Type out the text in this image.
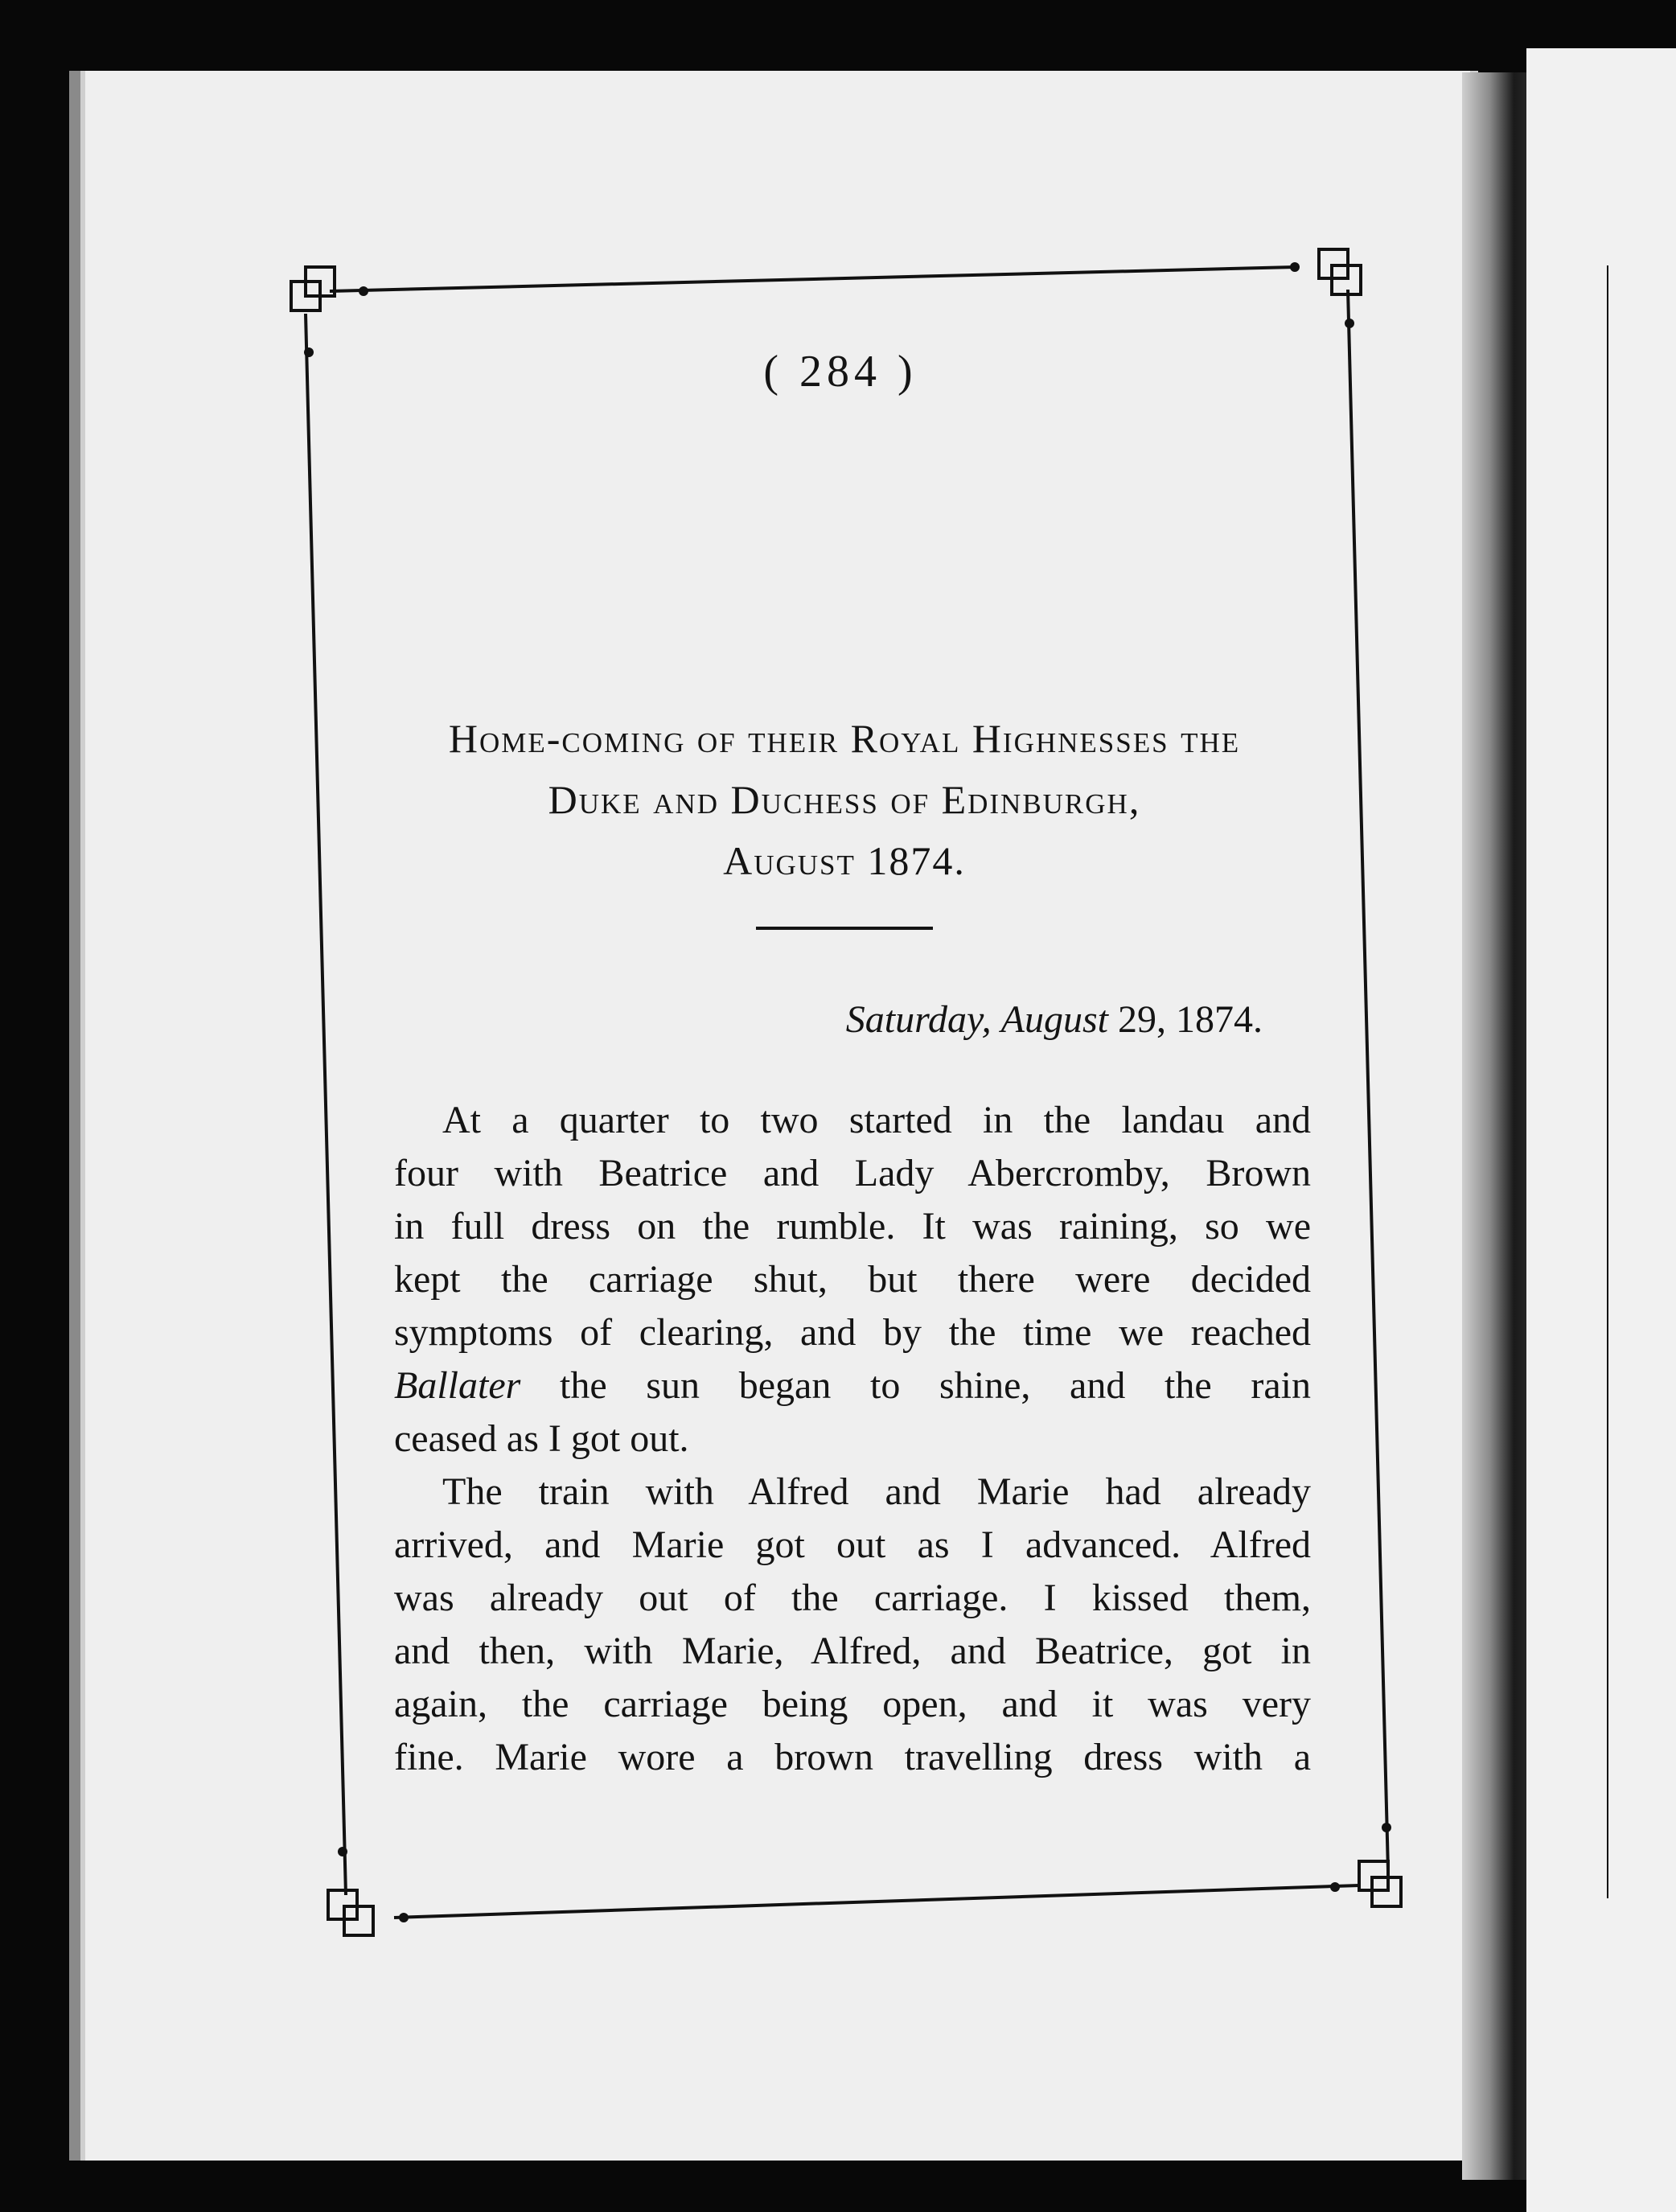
( 284 )
Home-coming of their Royal Highnesses the
Duke and Duchess of Edinburgh,
August 1874.
Saturday, August 29, 1874.
At a quarter to two started in the landau and
four with Beatrice and Lady Abercromby, Brown
in full dress on the rumble. It was raining, so we
kept the carriage shut, but there were decided
symptoms of clearing, and by the time we reached
Ballater the sun began to shine, and the rain
ceased as I got out.
The train with Alfred and Marie had already
arrived, and Marie got out as I advanced. Alfred
was already out of the carriage. I kissed them,
and then, with Marie, Alfred, and Beatrice, got in
again, the carriage being open, and it was very
fine. Marie wore a brown travelling dress with a
